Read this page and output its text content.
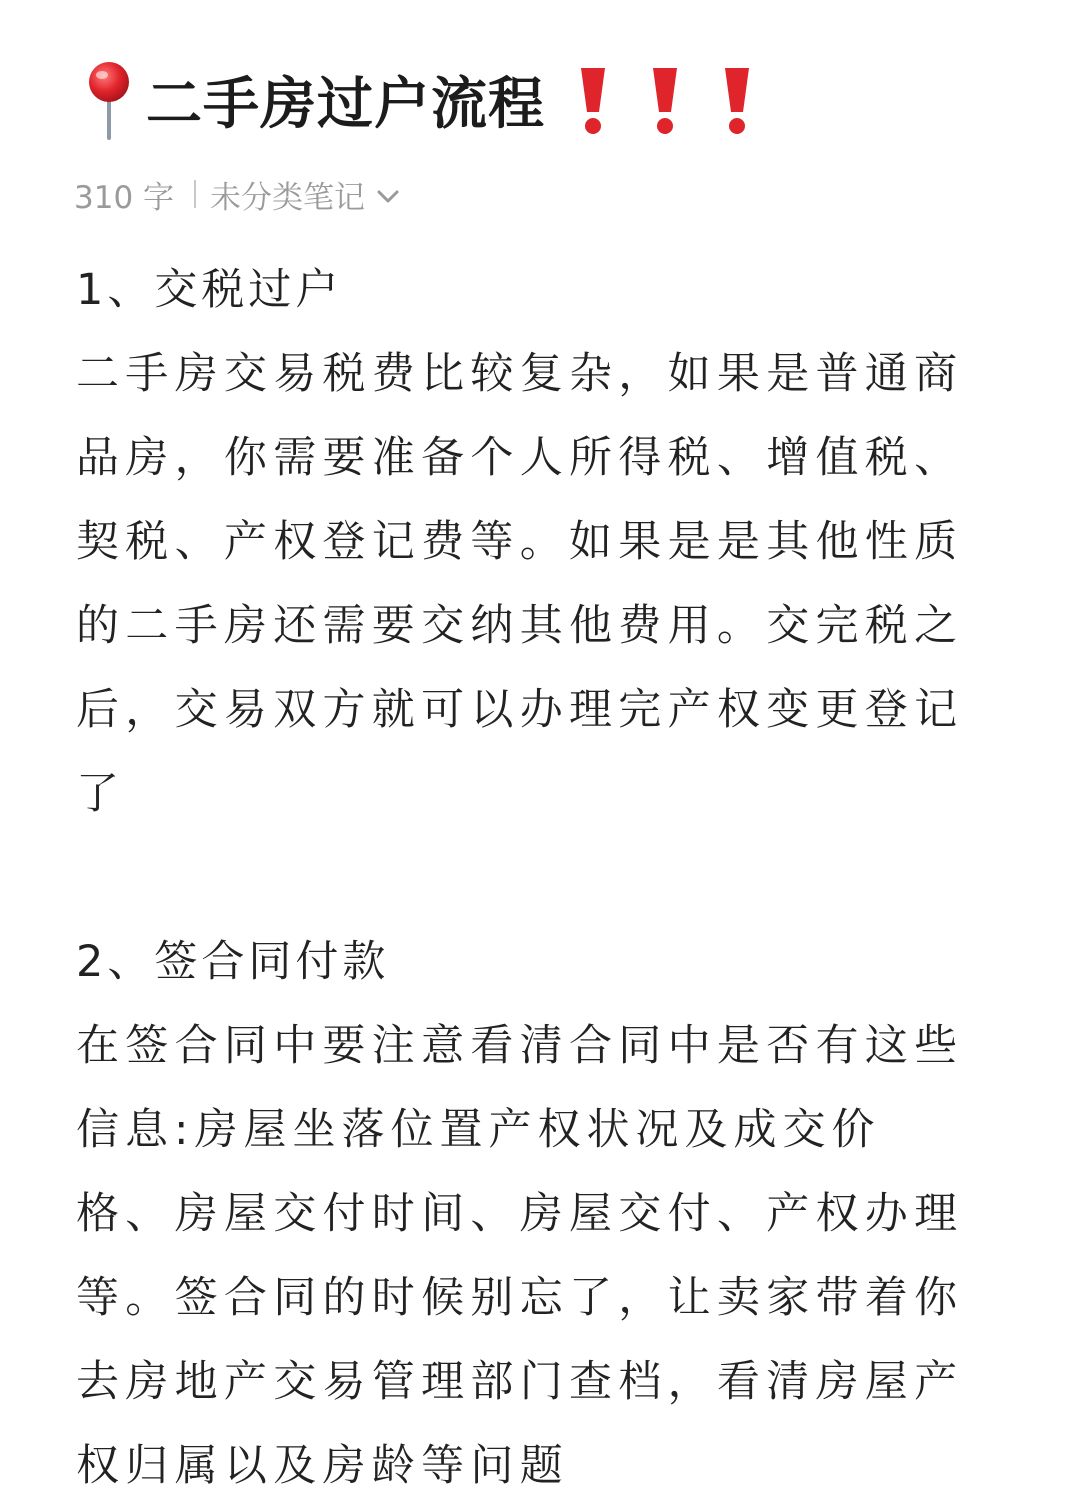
二手房过户流程
310 字 未分类笔记
1、交税过户
二手房交易税费比较复杂，如果是普通商
品房，你需要准备个人所得税、增值税、
契税、产权登记费等。如果是是其他性质
的二手房还需要交纳其他费用。交完税之
后，交易双方就可以办理完产权变更登记
了
2、签合同付款
在签合同中要注意看清合同中是否有这些
信息:房屋坐落位置产权状况及成交价
格、房屋交付时间、房屋交付、产权办理
等。签合同的时候别忘了，让卖家带着你
去房地产交易管理部门查档，看清房屋产
权归属以及房龄等问题
